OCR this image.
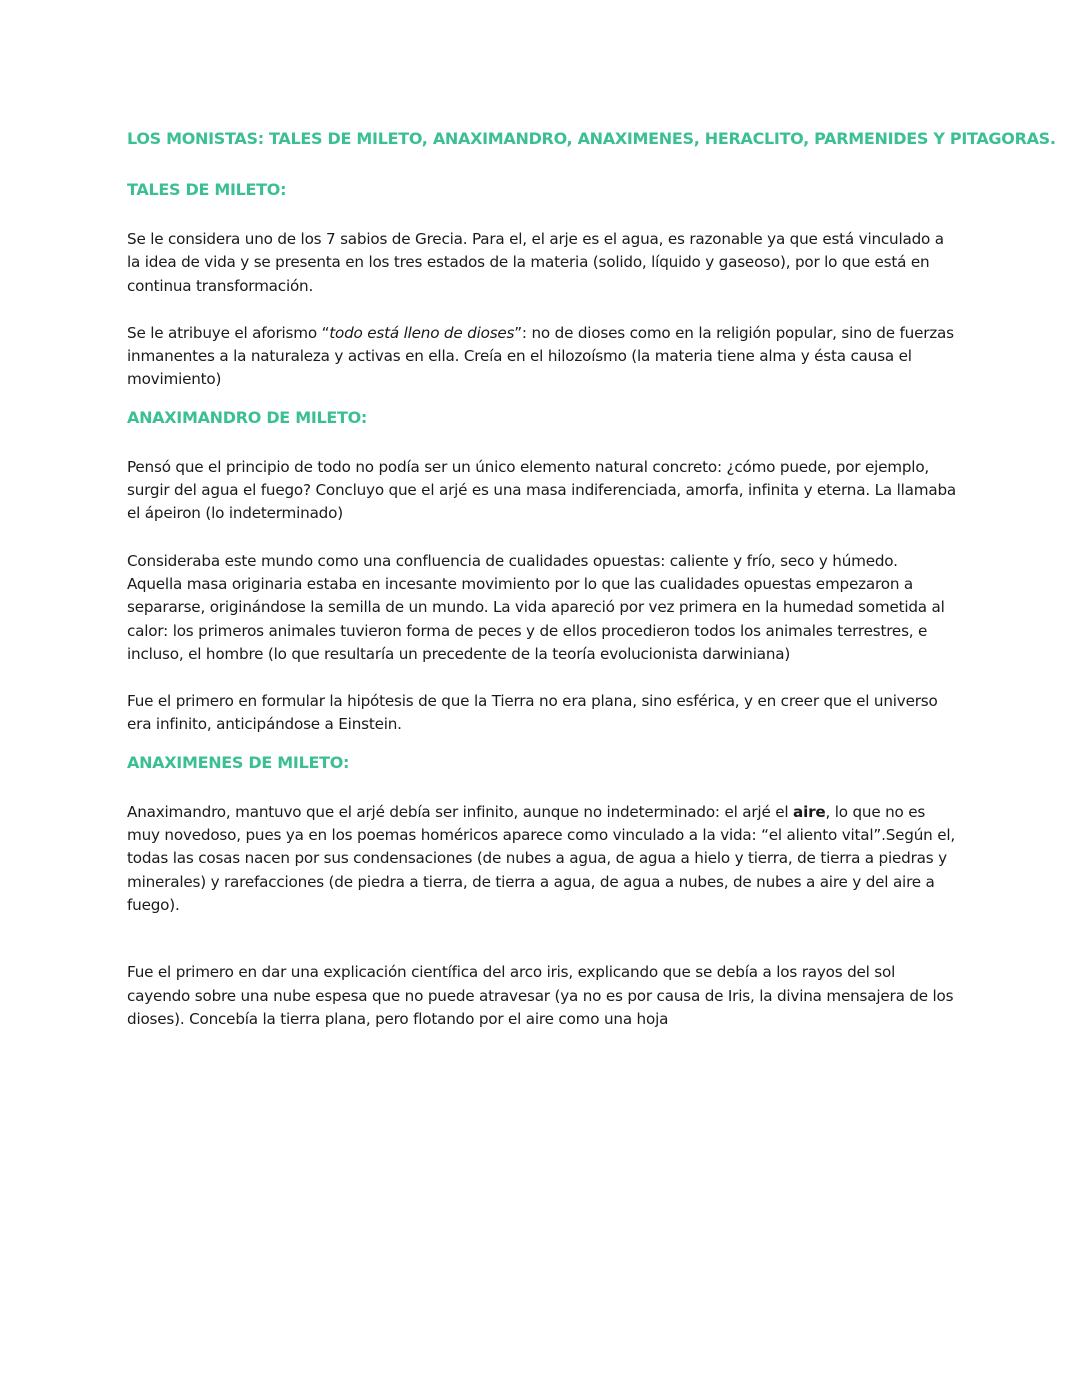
LOS MONISTAS: TALES DE MILETO, ANAXIMANDRO, ANAXIMENES, HERACLITO, PARMENIDES Y PITAGORAS.
TALES DE MILETO:

Se le considera uno de los 7 sabios de Grecia. Para el, el arje es el agua, es razonable ya que está vinculado a la idea de vida y se presenta en los tres estados de la materia (solido, líquido y gaseoso), por lo que está en continua transformación.

Se le atribuye el aforismo “todo está lleno de dioses”: no de dioses como en la religión popular, sino de fuerzas inmanentes a la naturaleza y activas en ella. Creía en el hilozoísmo (la materia tiene alma y ésta causa el movimiento)

ANAXIMANDRO DE MILETO:

Pensó que el principio de todo no podía ser un único elemento natural concreto: ¿cómo puede, por ejemplo, surgir del agua el fuego? Concluyo que el arjé es una masa indiferenciada, amorfa, infinita y eterna. La llamaba el ápeiron (lo indeterminado)

Consideraba este mundo como una confluencia de cualidades opuestas: caliente y frío, seco y húmedo. Aquella masa originaria estaba en incesante movimiento por lo que las cualidades opuestas empezaron a separarse, originándose la semilla de un mundo. La vida apareció por vez primera en la humedad sometida al calor: los primeros animales tuvieron forma de peces y de ellos procedieron todos los animales terrestres, e incluso, el hombre (lo que resultaría un precedente de la teoría evolucionista darwiniana)

Fue el primero en formular la hipótesis de que la Tierra no era plana, sino esférica, y en creer que el universo era infinito, anticipándose a Einstein.

ANAXIMENES DE MILETO:

Anaximandro, mantuvo que el arjé debía ser infinito, aunque no indeterminado: el arjé el aire, lo que no es muy novedoso, pues ya en los poemas homéricos aparece como vinculado a la vida: “el aliento vital”.Según el, todas las cosas nacen por sus condensaciones (de nubes a agua, de agua a hielo y tierra, de tierra a piedras y minerales) y rarefacciones (de piedra a tierra, de tierra a agua, de agua a nubes, de nubes a aire y del aire a fuego).

Fue el primero en dar una explicación científica del arco iris, explicando que se debía a los rayos del sol cayendo sobre una nube espesa que no puede atravesar (ya no es por causa de Iris, la divina mensajera de los dioses). Concebía la tierra plana, pero flotando por el aire como una hoja
